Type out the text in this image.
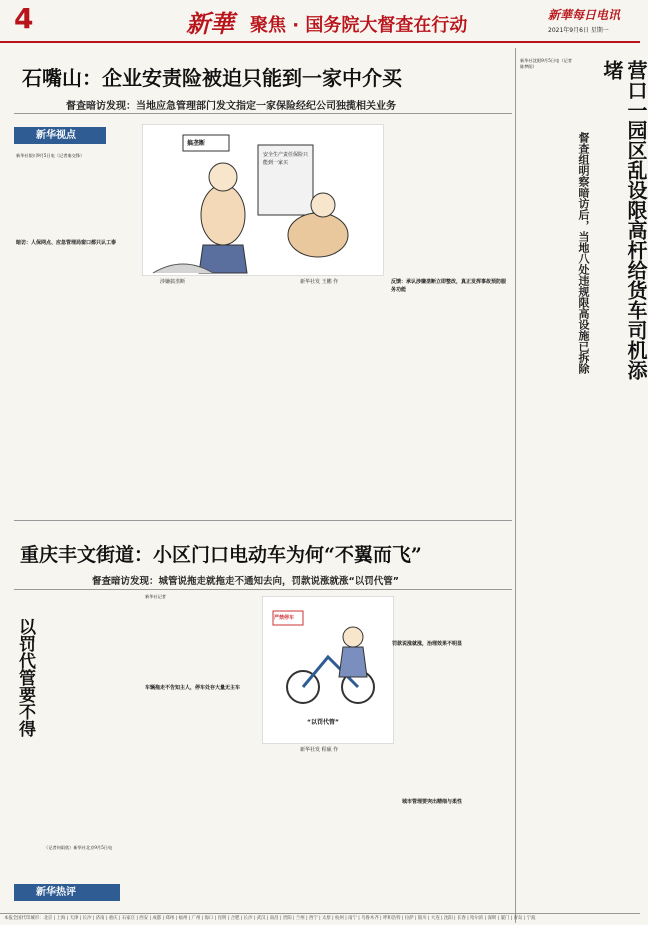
4	新華 聚焦 · 国务院大督查在行动	新華每日电讯
2021年9月6日 星期一
石嘴山：企业安责险被迫只能到一家中介买
督查暗访发现：当地应急管理部门发文指定一家保险经纪公司独揽相关业务
新华视点
新华社银川9月5日电（记者秦交锋）
暗访：人保网点、应急管理局窗口都只认工泰
搞垄断
安全生产责任保险只能到一家买
涉嫌搞垄断	新华社发 王鹏 作	反馈：承认涉嫌垄断立即整改，真正发挥事故预防服务功能	营口一园区乱设限高杆给货车司机添堵
督查组明察暗访后，当地八处违规限高设施已拆除
新华社沈阳9月5日电（记者陈梦阳）
重庆丰文街道：小区门口电动车为何“不翼而飞”
督查暗访发现：城管说拖走就拖走不通知去向，罚款说涨就涨“以罚代管”
以罚代管要不得
（记者何雨欣）新华社北京9月5日电
新华热评
新华社记者
车辆拖走不告知主人，停车处存大量无主车
严禁停车
“以罚代管”
新华社发 程硕 作
罚款说涨就涨，治理效果不明显
城市管理要突出精细与柔性
本报全国代印城市：北京 | 上海 | 天津 | 长沙 | 济南 | 重庆 | 石家庄 | 西安 | 成都 | 郑州 | 福州 | 广州 | 海口 | 昆明 | 合肥 | 长沙 | 武汉 | 南昌 | 贵阳 | 兰州 | 西宁 | 太原 | 杭州 | 南宁 | 乌鲁木齐 | 呼和浩特 | 拉萨 | 银川 | 大连 | 沈阳 | 长春 | 哈尔滨 | 深圳 | 厦门 | 青岛 | 宁波
